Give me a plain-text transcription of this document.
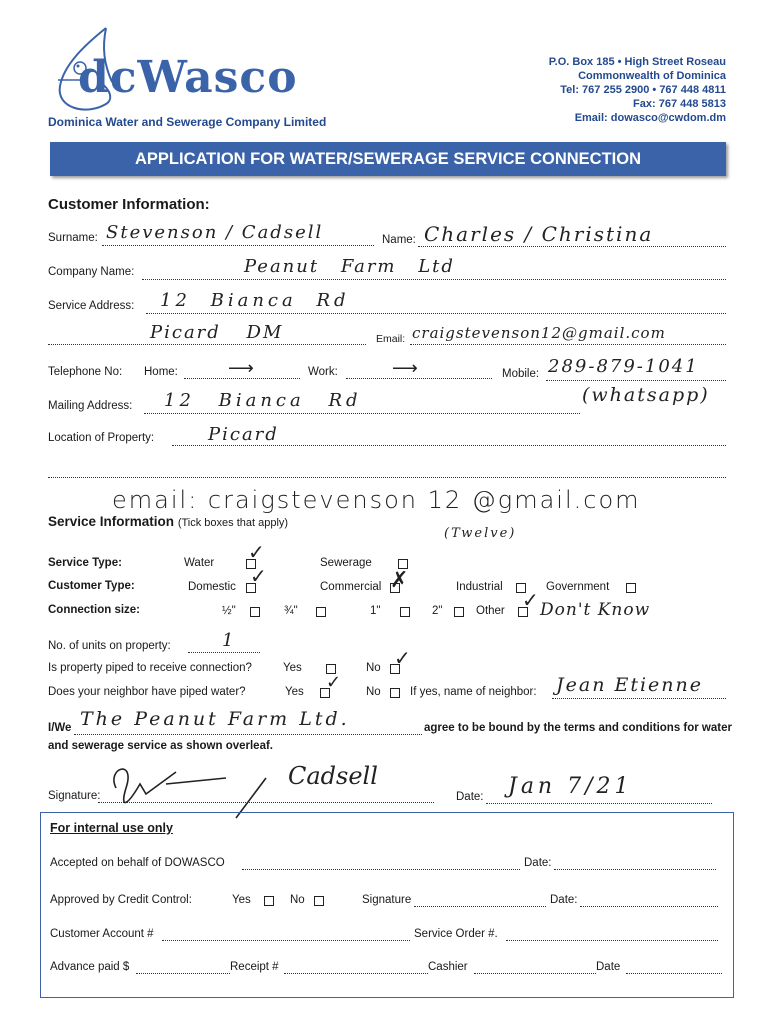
dcWasco
Dominica Water and Sewerage Company Limited
P.O. Box 185 • High Street Roseau
Commonwealth of Dominica
Tel: 767 255 2900 • 767 448 4811
Fax: 767 448 5813
Email: dowasco@cwdom.dm
APPLICATION FOR WATER/SEWERAGE SERVICE CONNECTION
Customer Information:
Surname: Stevenson / Cadsell	Name: Charles / Christina
Company Name:	Peanut Farm Ltd
Service Address: 12 Bianca Rd
Picard DM	Email: craigstevenson12@gmail.com
Telephone No: Home:	⟶	Work:	⟶	Mobile: 289-879-1041
(whatsapp)
Mailing Address: 12 Bianca Rd
Location of Property:	Picard
email: craigstevenson 12 @gmail.com
(Twelve)
Service Information (Tick boxes that apply)
Service Type:	Water ✓	Sewerage
Customer Type:	Domestic ✓	Commercial ✗	Industrial	Government
Connection size:	½"	¾"	1"	2"	Other ✓ Don't Know
No. of units on property:	1
Is property piped to receive connection?	Yes	No ✓
Does your neighbor have piped water?	Yes ✓ No	If yes, name of neighbor: Jean Etienne
I/We The Peanut Farm Ltd.	agree to be bound by the terms and conditions for water
and sewerage service as shown overleaf.
Signature:
Cadsell
Date: Jan 7/21
For internal use only
Accepted on behalf of DOWASCO	Date:
Approved by Credit Control:	Yes	No	Signature	Date:
Customer Account #	Service Order #.
Advance paid $	Receipt #	Cashier	Date
